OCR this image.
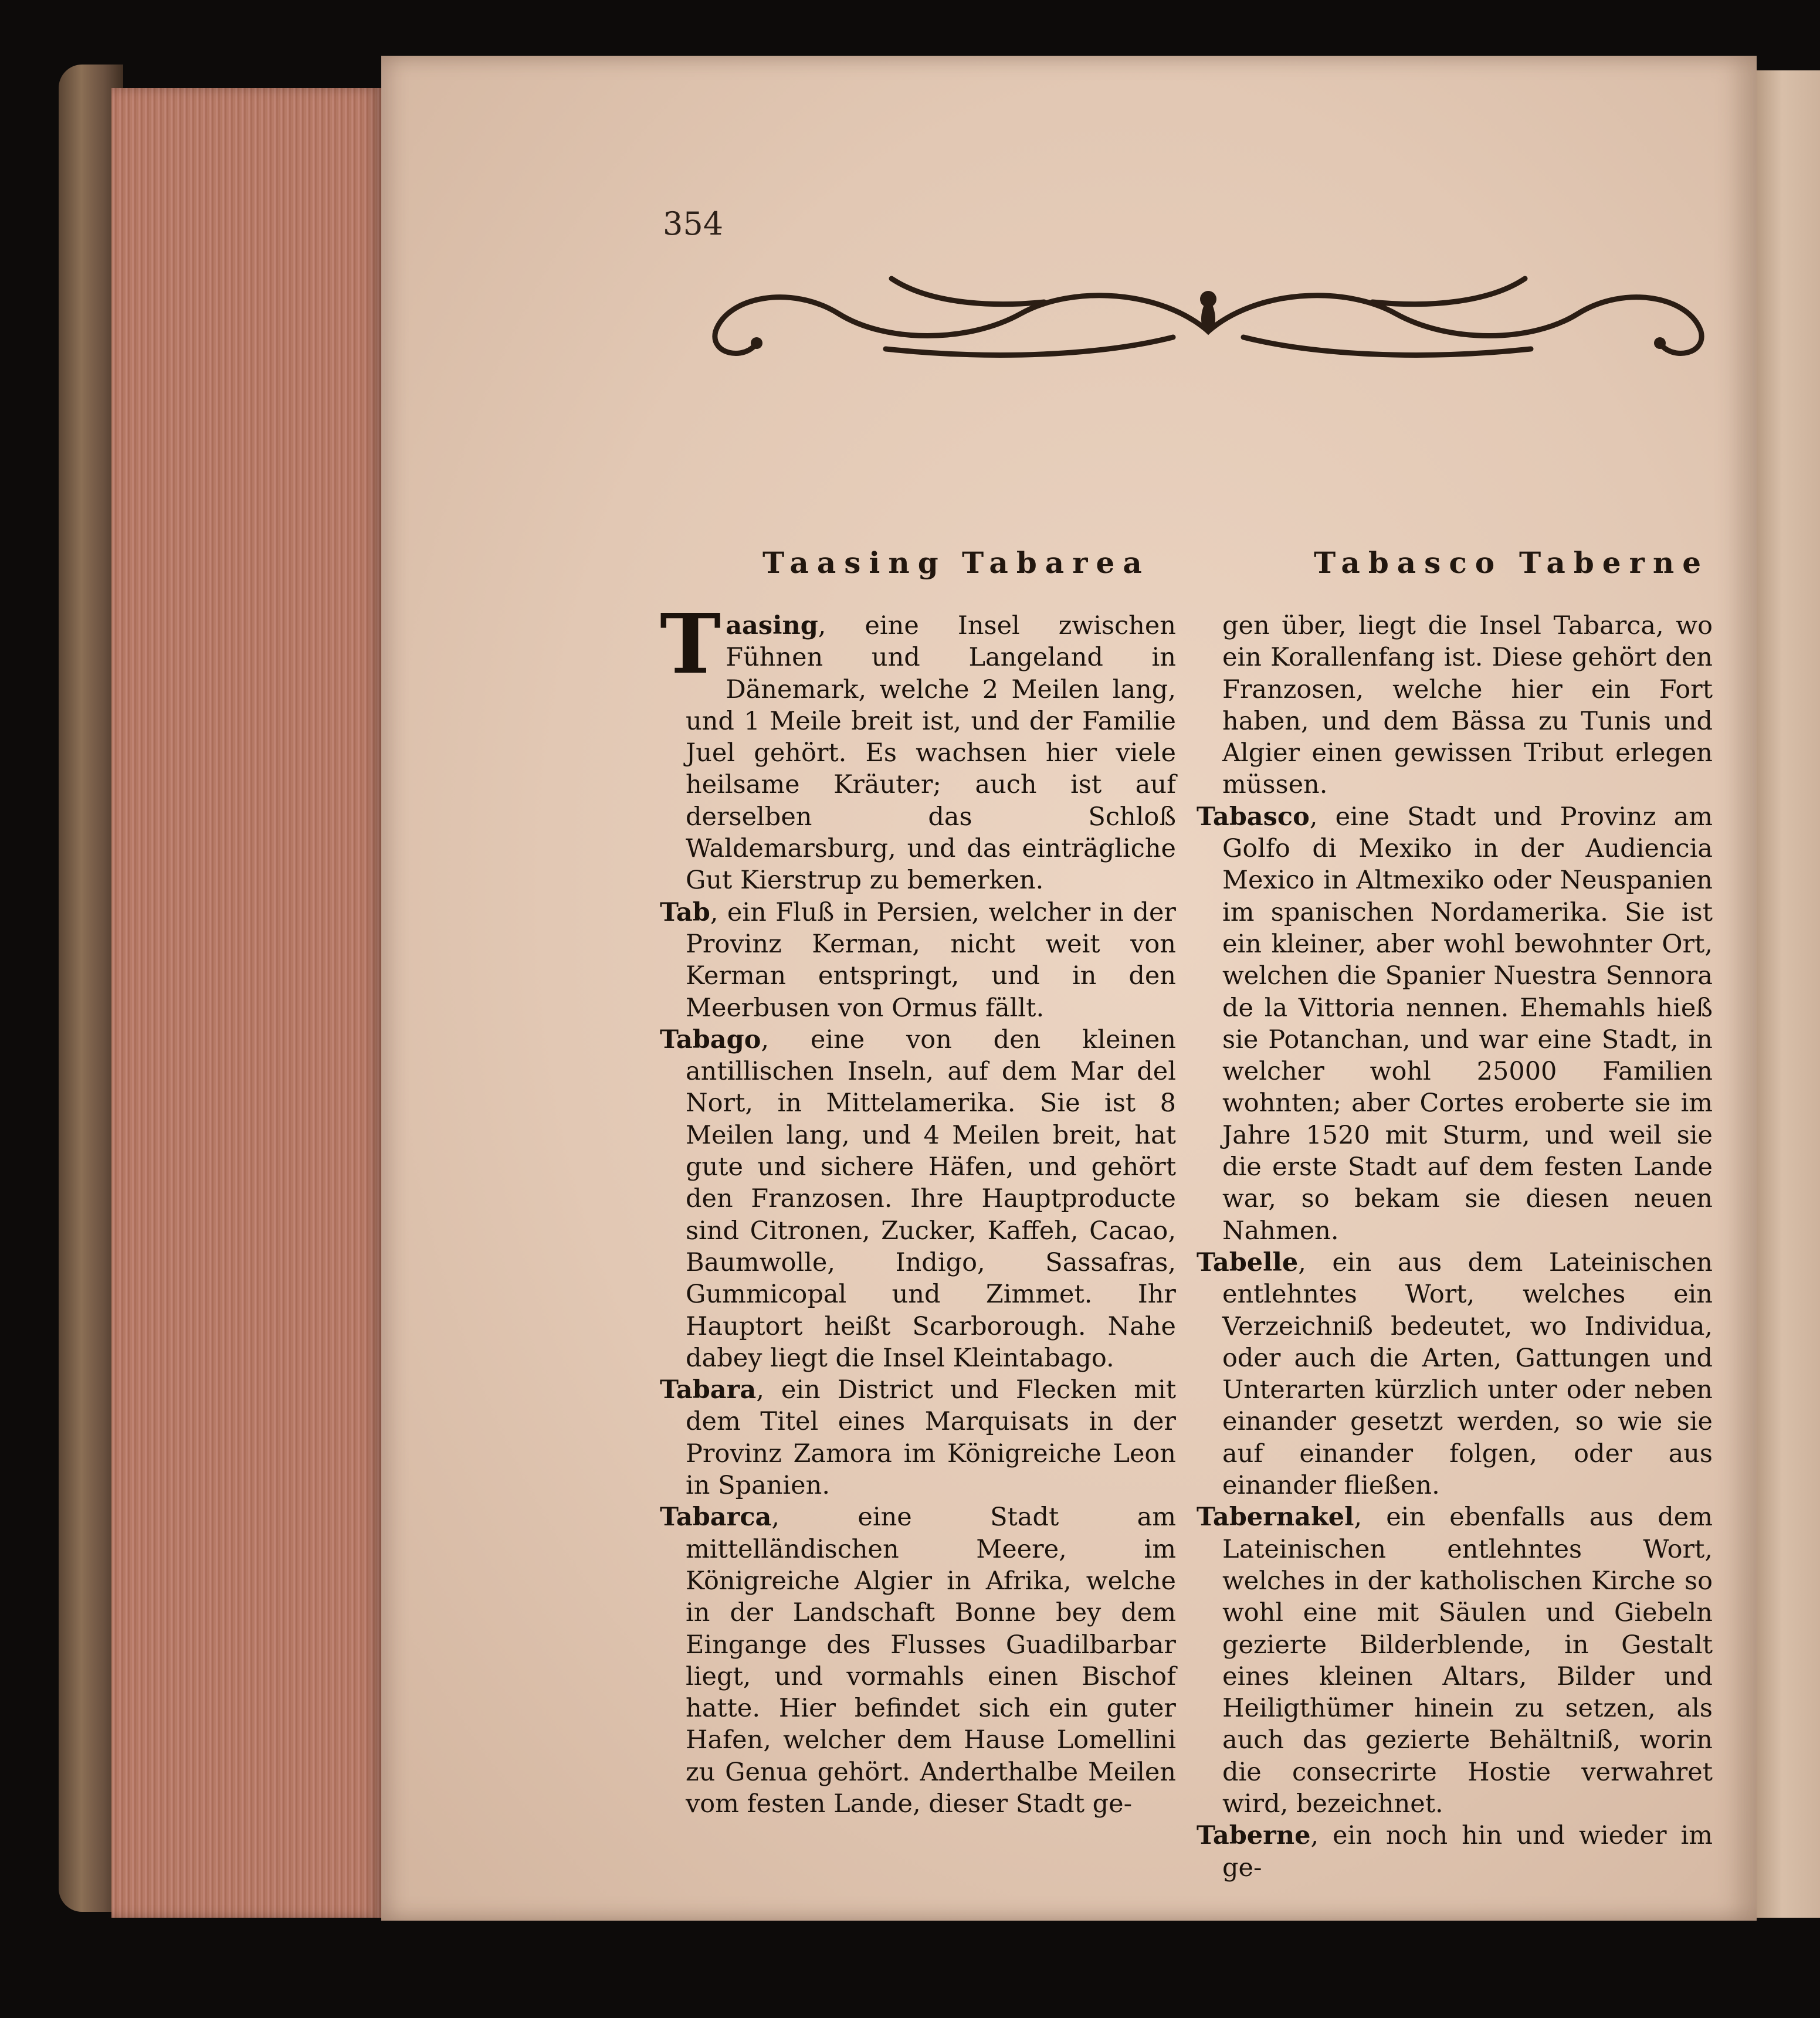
354
Taasing Tabarea	Tabasco Taberne

Taasing, eine Insel zwischen Fühnen und Langeland in Dänemark, welche 2 Meilen lang, und 1 Meile breit ist, und der Familie Juel gehört. Es wachsen hier viele heilsame Kräuter; auch ist auf derselben das Schloß Waldemarsburg, und das einträgliche Gut Kierstrup zu bemerken.

Tab, ein Fluß in Persien, welcher in der Provinz Kerman, nicht weit von Kerman entspringt, und in den Meerbusen von Ormus fällt.

Tabago, eine von den kleinen antillischen Inseln, auf dem Mar del Nort, in Mittelamerika. Sie ist 8 Meilen lang, und 4 Meilen breit, hat gute und sichere Häfen, und gehört den Franzosen. Ihre Hauptproducte sind Citronen, Zucker, Kaffeh, Cacao, Baumwolle, Indigo, Sassafras, Gummicopal und Zimmet. Ihr Hauptort heißt Scarborough. Nahe dabey liegt die Insel Kleintabago.

Tabara, ein District und Flecken mit dem Titel eines Marquisats in der Provinz Zamora im Königreiche Leon in Spanien.

Tabarca, eine Stadt am mittelländischen Meere, im Königreiche Algier in Afrika, welche in der Landschaft Bonne bey dem Eingange des Flusses Guadilbarbar liegt, und vormahls einen Bischof hatte. Hier befindet sich ein guter Hafen, welcher dem Hause Lomellini zu Genua gehört. Anderthalbe Meilen vom festen Lande, dieser Stadt ge-

gen über, liegt die Insel Tabarca, wo ein Korallenfang ist. Diese gehört den Franzosen, welche hier ein Fort haben, und dem Bässa zu Tunis und Algier einen gewissen Tribut erlegen müssen.

Tabasco, eine Stadt und Provinz am Golfo di Mexiko in der Audiencia Mexico in Altmexiko oder Neuspanien im spanischen Nordamerika. Sie ist ein kleiner, aber wohl bewohnter Ort, welchen die Spanier Nuestra Sennora de la Vittoria nennen. Ehemahls hieß sie Potanchan, und war eine Stadt, in welcher wohl 25000 Familien wohnten; aber Cortes eroberte sie im Jahre 1520 mit Sturm, und weil sie die erste Stadt auf dem festen Lande war, so bekam sie diesen neuen Nahmen.

Tabelle, ein aus dem Lateinischen entlehntes Wort, welches ein Verzeichniß bedeutet, wo Individua, oder auch die Arten, Gattungen und Unterarten kürzlich unter oder neben einander gesetzt werden, so wie sie auf einander folgen, oder aus einander fließen.

Tabernakel, ein ebenfalls aus dem Lateinischen entlehntes Wort, welches in der katholischen Kirche so wohl eine mit Säulen und Giebeln gezierte Bilderblende, in Gestalt eines kleinen Altars, Bilder und Heiligthümer hinein zu setzen, als auch das gezierte Behältniß, worin die consecrirte Hostie verwahret wird, bezeichnet.

Taberne, ein noch hin und wieder im ge-
